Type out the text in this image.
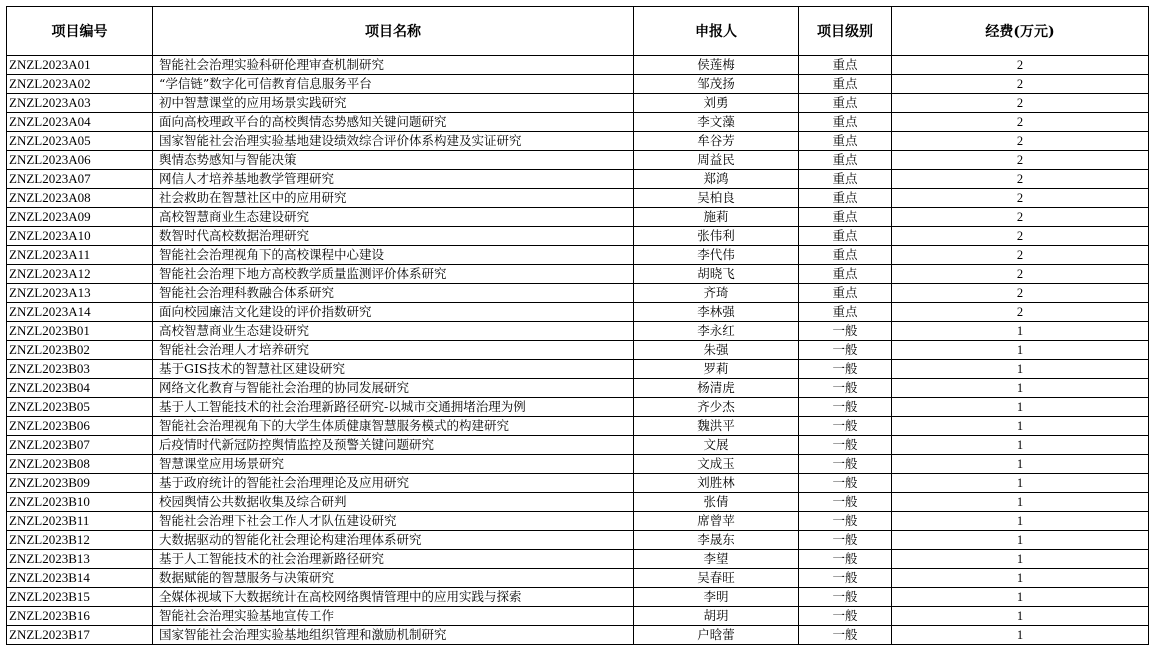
项目编号	项目名称	申报人	项目级别	经费(万元)
ZNZL2023A01	智能社会治理实验科研伦理审查机制研究	侯莲梅	重点	2
ZNZL2023A02	“学信链”数字化可信教育信息服务平台	邹茂扬	重点	2
ZNZL2023A03	初中智慧课堂的应用场景实践研究	刘勇	重点	2
ZNZL2023A04	面向高校理政平台的高校舆情态势感知关键问题研究	李文藻	重点	2
ZNZL2023A05	国家智能社会治理实验基地建设绩效综合评价体系构建及实证研究	牟谷芳	重点	2
ZNZL2023A06	舆情态势感知与智能决策	周益民	重点	2
ZNZL2023A07	网信人才培养基地教学管理研究	郑鸿	重点	2
ZNZL2023A08	社会救助在智慧社区中的应用研究	吴柏良	重点	2
ZNZL2023A09	高校智慧商业生态建设研究	施莉	重点	2
ZNZL2023A10	数智时代高校数据治理研究	张伟利	重点	2
ZNZL2023A11	智能社会治理视角下的高校课程中心建设	李代伟	重点	2
ZNZL2023A12	智能社会治理下地方高校教学质量监测评价体系研究	胡晓飞	重点	2
ZNZL2023A13	智能社会治理科教融合体系研究	齐琦	重点	2
ZNZL2023A14	面向校园廉洁文化建设的评价指数研究	李林强	重点	2
ZNZL2023B01	高校智慧商业生态建设研究	李永红	一般	1
ZNZL2023B02	智能社会治理人才培养研究	朱强	一般	1
ZNZL2023B03	基于GIS技术的智慧社区建设研究	罗莉	一般	1
ZNZL2023B04	网络文化教育与智能社会治理的协同发展研究	杨清虎	一般	1
ZNZL2023B05	基于人工智能技术的社会治理新路径研究-以城市交通拥堵治理为例	齐少杰	一般	1
ZNZL2023B06	智能社会治理视角下的大学生体质健康智慧服务模式的构建研究	魏洪平	一般	1
ZNZL2023B07	后疫情时代新冠防控舆情监控及预警关键问题研究	文展	一般	1
ZNZL2023B08	智慧课堂应用场景研究	文成玉	一般	1
ZNZL2023B09	基于政府统计的智能社会治理理论及应用研究	刘胜林	一般	1
ZNZL2023B10	校园舆情公共数据收集及综合研判	张倩	一般	1
ZNZL2023B11	智能社会治理下社会工作人才队伍建设研究	席曾苹	一般	1
ZNZL2023B12	大数据驱动的智能化社会理论构建治理体系研究	李晟东	一般	1
ZNZL2023B13	基于人工智能技术的社会治理新路径研究	李望	一般	1
ZNZL2023B14	数据赋能的智慧服务与决策研究	吴春旺	一般	1
ZNZL2023B15	全媒体视域下大数据统计在高校网络舆情管理中的应用实践与探索	李明	一般	1
ZNZL2023B16	智能社会治理实验基地宣传工作	胡玥	一般	1
ZNZL2023B17	国家智能社会治理实验基地组织管理和激励机制研究	户晗蕾	一般	1
